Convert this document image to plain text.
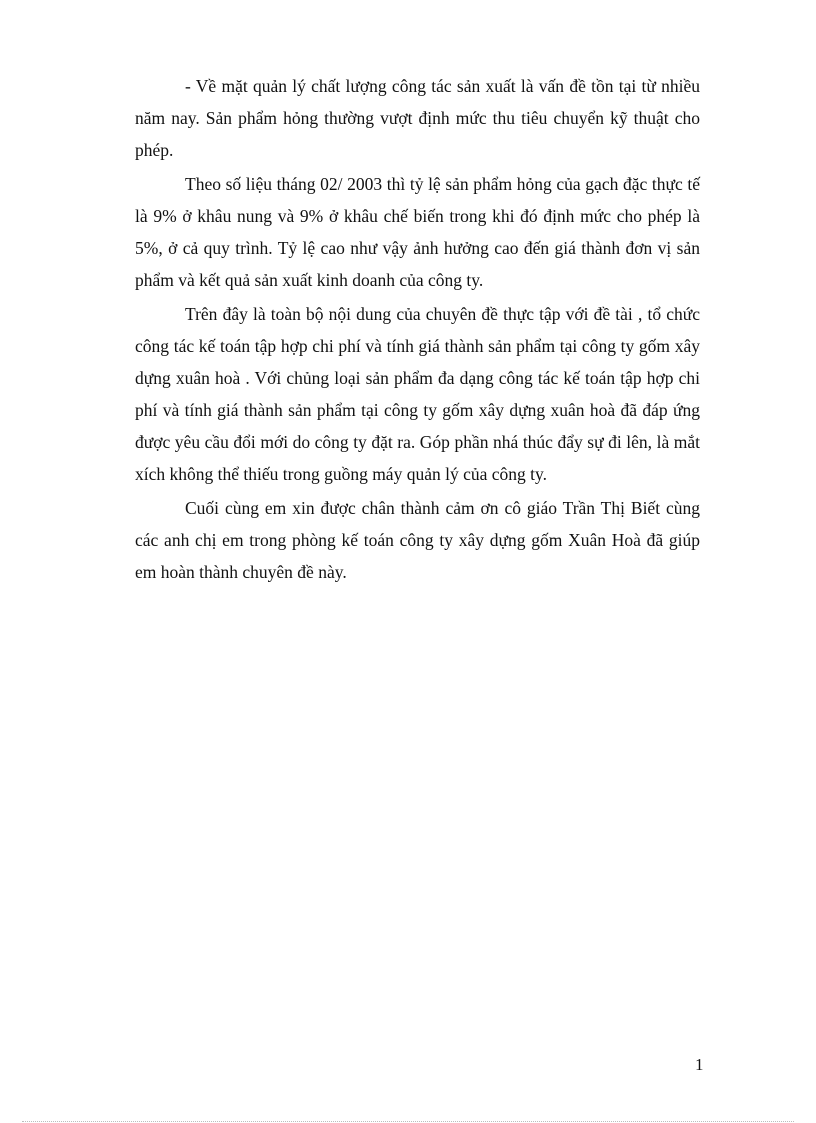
- Về mặt quản lý chất lượng công tác sản xuất là vấn đề tồn tại từ nhiều năm nay. Sản phẩm hỏng thường vượt định mức thu tiêu chuyển kỹ thuật cho phép.

Theo số liệu tháng 02/ 2003 thì tỷ lệ sản phẩm hỏng của gạch đặc thực tế là 9% ở khâu nung và 9% ở khâu chế biến trong khi đó định mức cho phép là 5%, ở cả quy trình. Tỷ lệ cao như vậy ảnh hưởng cao đến giá thành đơn vị sản phẩm và kết quả sản xuất kinh doanh của công ty.

Trên đây là toàn bộ nội dung của chuyên đề thực tập với đề tài , tổ chức công tác kế toán tập hợp chi phí và tính giá thành sản phẩm tại công ty gốm xây dựng xuân hoà . Với chủng loại sản phẩm đa dạng công tác kế toán tập hợp chi phí và tính giá thành sản phẩm tại công ty gốm xây dựng xuân hoà đã đáp ứng được yêu cầu đổi mới do công ty đặt ra. Góp phần nhá thúc đẩy sự đi lên, là mắt xích không thể thiếu trong guồng máy quản lý của công ty.

Cuối cùng em xin được chân thành cảm ơn cô giáo Trần Thị Biết cùng các anh chị em trong phòng kế toán công ty xây dựng gốm Xuân Hoà đã giúp em hoàn thành chuyên đề này.

1
